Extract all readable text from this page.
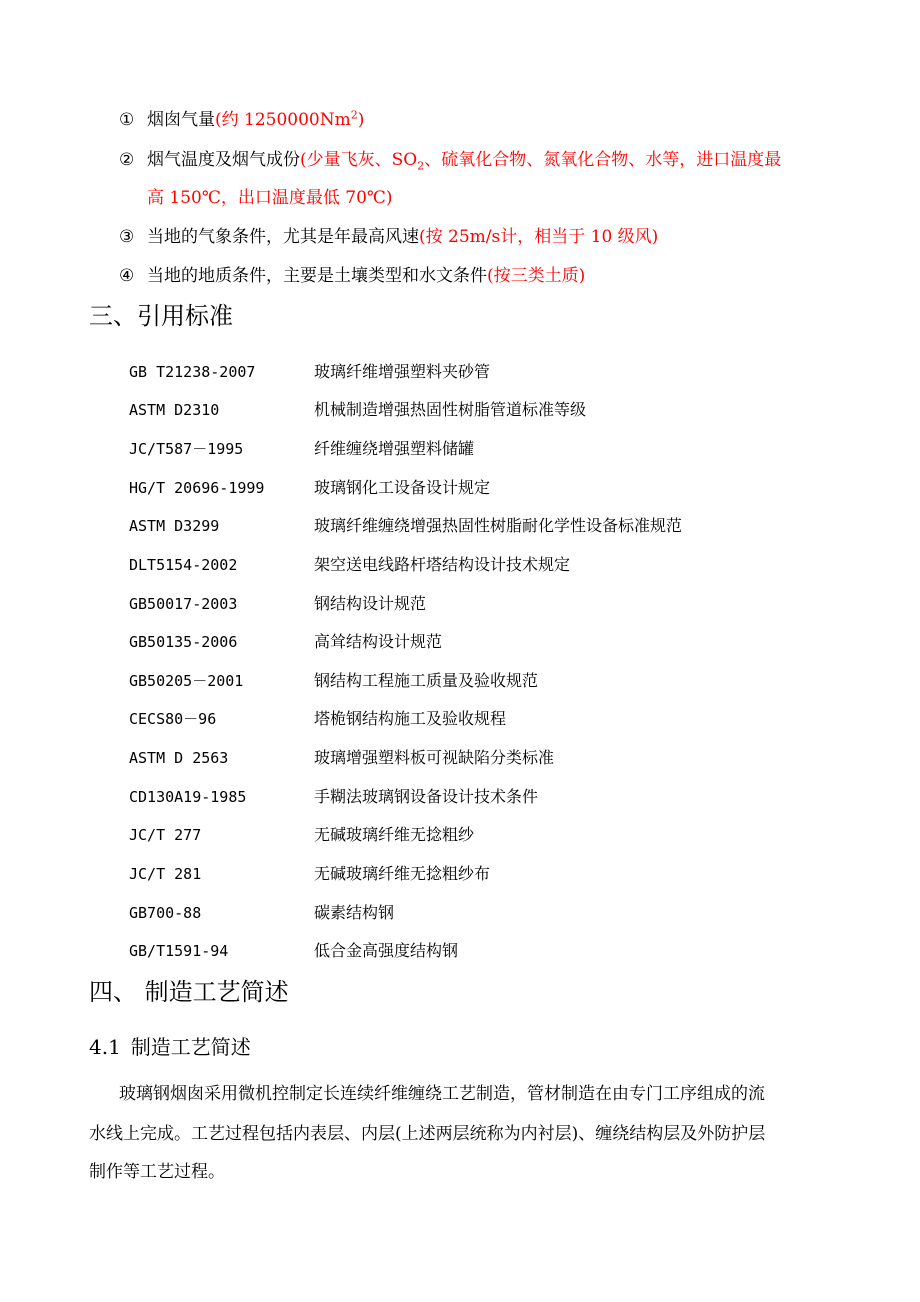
① 烟囱气量(约 1250000Nm$^2$)
② 烟气温度及烟气成份(少量飞灰、$SO_2$、硫氧化合物、氮氧化合物、水等，进口温度最
高 150℃，出口温度最低 70℃)
③ 当地的气象条件，尤其是年最高风速(按 25m/s计，相当于 10 级风)
④ 当地的地质条件，主要是土壤类型和水文条件(按三类土质)
三、引用标准
GB T21238-2007	玻璃纤维增强塑料夹砂管
ASTM D2310	机械制造增强热固性树脂管道标准等级
JC/T587－1995	纤维缠绕增强塑料储罐
HG/T 20696-1999	玻璃钢化工设备设计规定
ASTM D3299	玻璃纤维缠绕增强热固性树脂耐化学性设备标准规范
DLT5154-2002	架空送电线路杆塔结构设计技术规定
GB50017-2003	钢结构设计规范
GB50135-2006	高耸结构设计规范
GB50205－2001	钢结构工程施工质量及验收规范
CECS80－96	塔桅钢结构施工及验收规程
ASTM D 2563	玻璃增强塑料板可视缺陷分类标准
CD130A19-1985	手糊法玻璃钢设备设计技术条件
JC/T 277	无碱玻璃纤维无捻粗纱
JC/T 281	无碱玻璃纤维无捻粗纱布
GB700-88	碳素结构钢
GB/T1591-94	低合金高强度结构钢
四、 制造工艺简述
4.1 制造工艺简述
玻璃钢烟囱采用微机控制定长连续纤维缠绕工艺制造，管材制造在由专门工序组成的流
水线上完成。工艺过程包括内表层、内层(上述两层统称为内衬层)、缠绕结构层及外防护层
制作等工艺过程。
